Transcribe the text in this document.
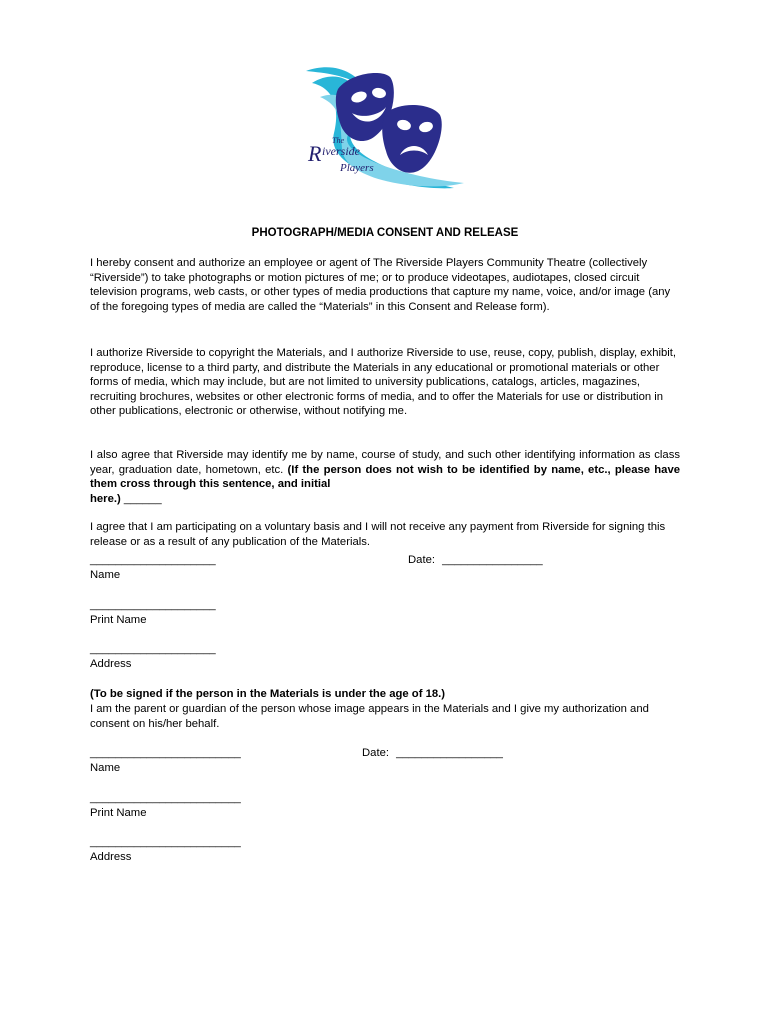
R iverside
The
Players
PHOTOGRAPH/MEDIA CONSENT AND RELEASE

I hereby consent and authorize an employee or agent of The Riverside Players Community Theatre (collectively “Riverside”) to take photographs or motion pictures of me; or to produce videotapes, audiotapes, closed circuit television programs, web casts, or other types of media productions that capture my name, voice, and/or image (any of the foregoing types of media are called the “Materials” in this Consent and Release form).

I authorize Riverside to copyright the Materials, and I authorize Riverside to use, reuse, copy, publish, display, exhibit, reproduce, license to a third party, and distribute the Materials in any educational or promotional materials or other forms of media, which may include, but are not limited to university publications, catalogs, articles, magazines, recruiting brochures, websites or other electronic forms of media, and to offer the Materials for use or distribution in other publications, electronic or otherwise, without notifying me.

I also agree that Riverside may identify me by name, course of study, and such other identifying information as class year, graduation date, hometown, etc. (If the person does not wish to be identified by name, etc., please have them cross through this sentence, and initial
here.) ______

I agree that I am participating on a voluntary basis and I will not receive any payment from Riverside for signing this release or as a result of any publication of the Materials.

____________________
Name
Date: ________________
____________________
Print Name
____________________
Address
(To be signed if the person in the Materials is under the age of 18.)

I am the parent or guardian of the person whose image appears in the Materials and I give my authorization and consent on his/her behalf.

________________________
Name
Date: _________________
________________________
Print Name
________________________
Address
